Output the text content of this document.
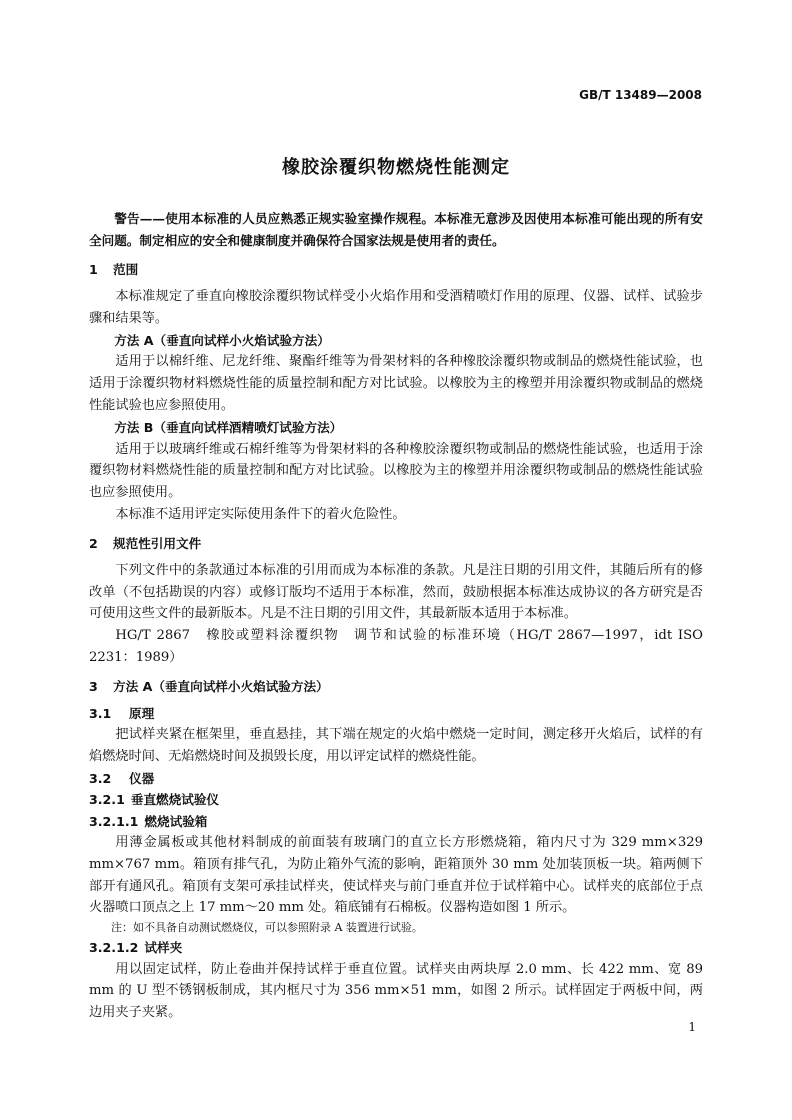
GB/T 13489—2008
橡胶涂覆织物燃烧性能测定

警告——使用本标准的人员应熟悉正规实验室操作规程。本标准无意涉及因使用本标准可能出现的所有安全问题。制定相应的安全和健康制度并确保符合国家法规是使用者的责任。

1 范围

本标准规定了垂直向橡胶涂覆织物试样受小火焰作用和受酒精喷灯作用的原理、仪器、试样、试验步骤和结果等。

方法 A（垂直向试样小火焰试验方法）

适用于以棉纤维、尼龙纤维、聚酯纤维等为骨架材料的各种橡胶涂覆织物或制品的燃烧性能试验，也适用于涂覆织物材料燃烧性能的质量控制和配方对比试验。以橡胶为主的橡塑并用涂覆织物或制品的燃烧性能试验也应参照使用。

方法 B（垂直向试样酒精喷灯试验方法）

适用于以玻璃纤维或石棉纤维等为骨架材料的各种橡胶涂覆织物或制品的燃烧性能试验，也适用于涂覆织物材料燃烧性能的质量控制和配方对比试验。以橡胶为主的橡塑并用涂覆织物或制品的燃烧性能试验也应参照使用。

本标准不适用评定实际使用条件下的着火危险性。

2 规范性引用文件

下列文件中的条款通过本标准的引用而成为本标准的条款。凡是注日期的引用文件，其随后所有的修改单（不包括勘误的内容）或修订版均不适用于本标准，然而，鼓励根据本标准达成协议的各方研究是否可使用这些文件的最新版本。凡是不注日期的引用文件，其最新版本适用于本标准。

HG/T 2867　橡胶或塑料涂覆织物　调节和试验的标准环境（HG/T 2867—1997，idt ISO 2231：1989）

3 方法 A（垂直向试样小火焰试验方法）

3.1 原理

把试样夹紧在框架里，垂直悬挂，其下端在规定的火焰中燃烧一定时间，测定移开火焰后，试样的有焰燃烧时间、无焰燃烧时间及损毁长度，用以评定试样的燃烧性能。

3.2 仪器

3.2.1 垂直燃烧试验仪

3.2.1.1 燃烧试验箱

用薄金属板或其他材料制成的前面装有玻璃门的直立长方形燃烧箱，箱内尺寸为 329 mm×329 mm×767 mm。箱顶有排气孔，为防止箱外气流的影响，距箱顶外 30 mm 处加装顶板一块。箱两侧下部开有通风孔。箱顶有支架可承挂试样夹，使试样夹与前门垂直并位于试样箱中心。试样夹的底部位于点火器喷口顶点之上 17 mm～20 mm 处。箱底铺有石棉板。仪器构造如图 1 所示。

注：如不具备自动测试燃烧仪，可以参照附录 A 装置进行试验。

3.2.1.2 试样夹

用以固定试样，防止卷曲并保持试样于垂直位置。试样夹由两块厚 2.0 mm、长 422 mm、宽 89 mm 的 U 型不锈钢板制成，其内框尺寸为 356 mm×51 mm，如图 2 所示。试样固定于两板中间，两边用夹子夹紧。

1
